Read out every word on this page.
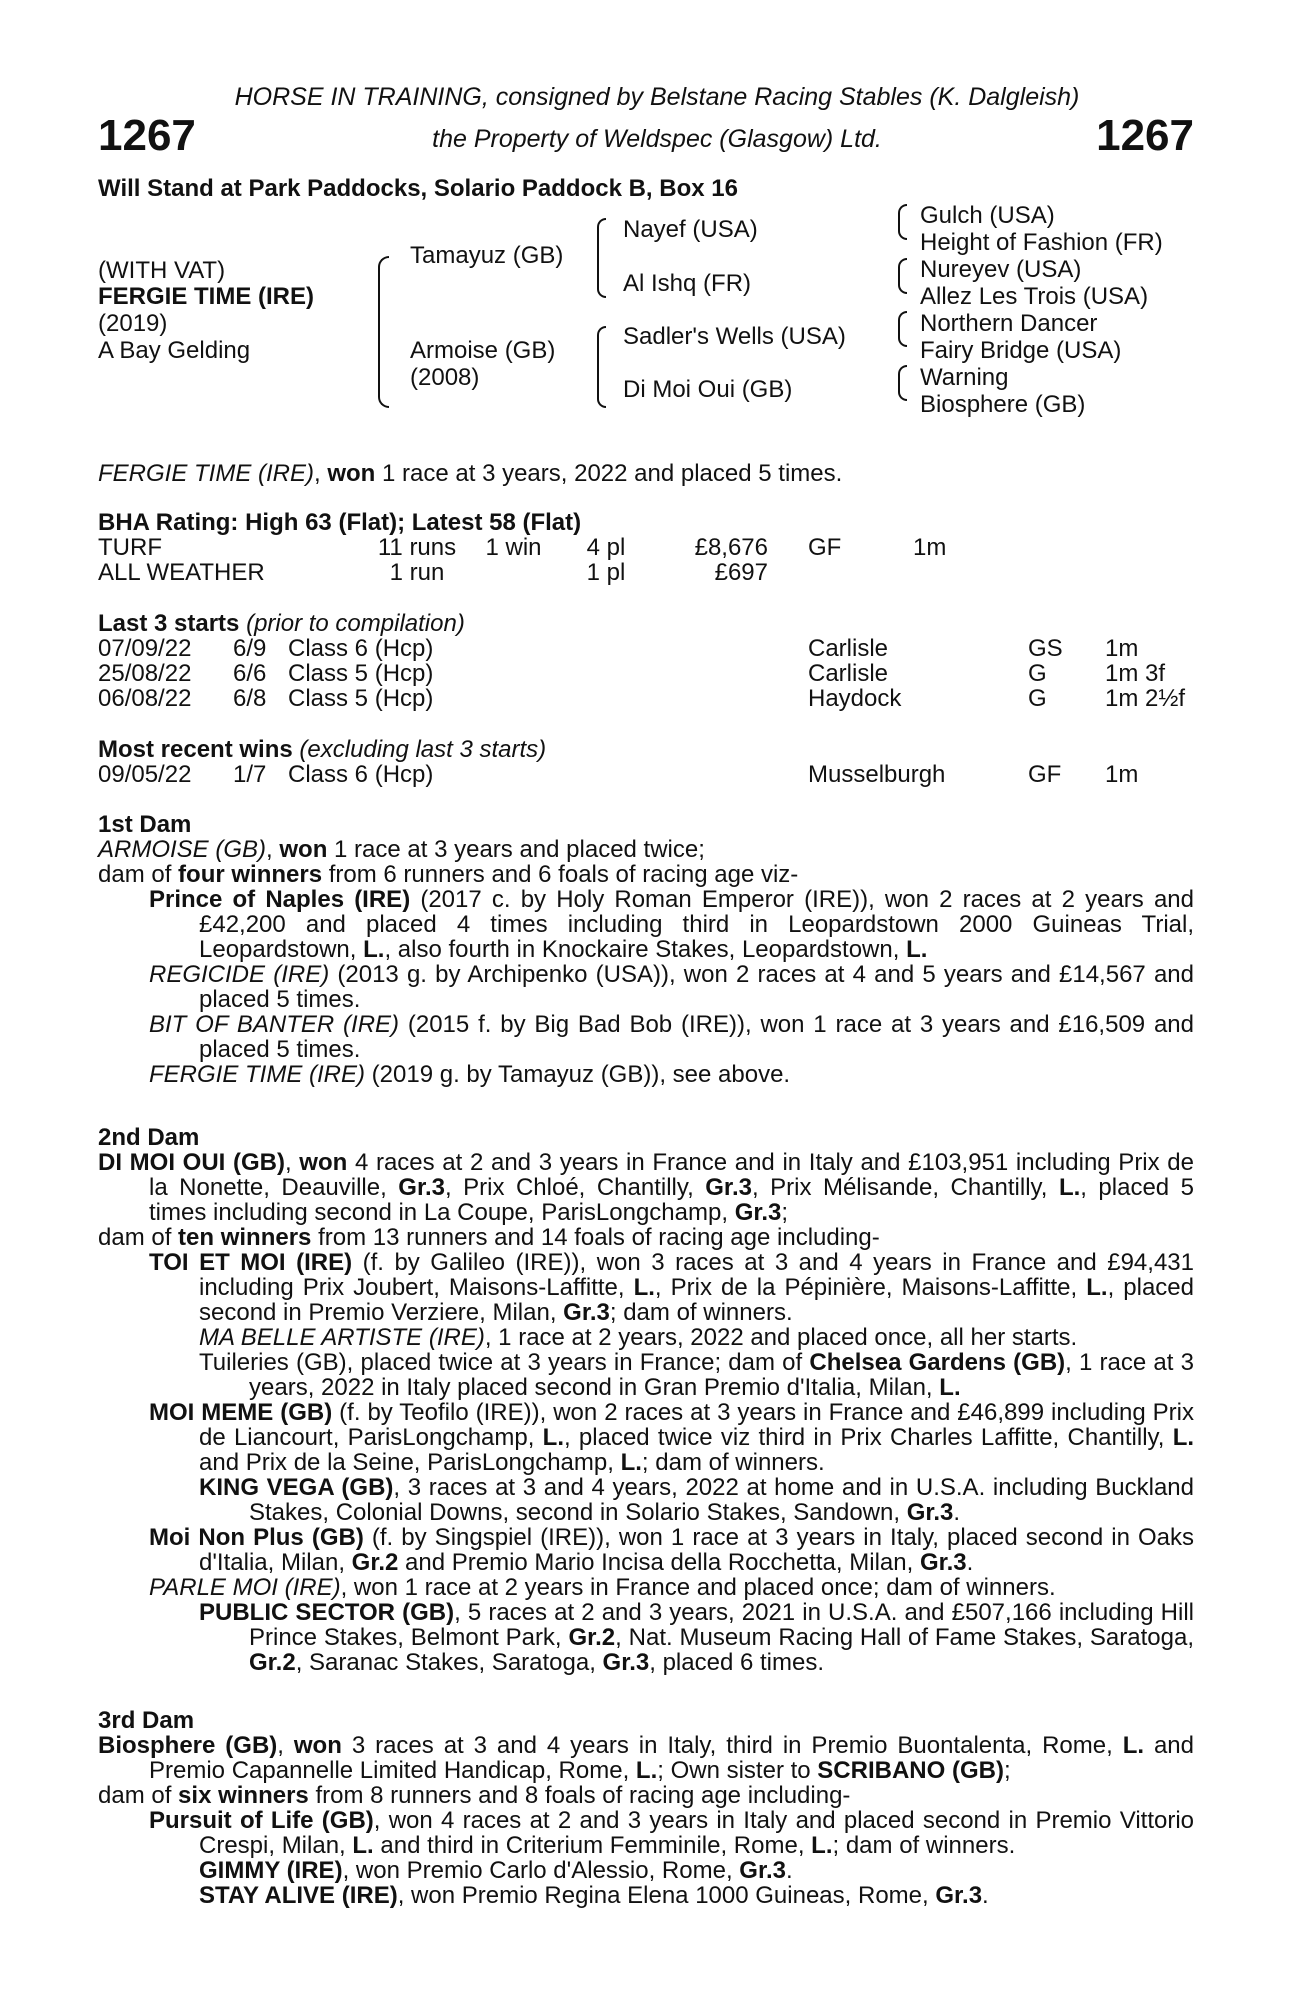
HORSE IN TRAINING, consigned by Belstane Racing Stables (K. Dalgleish)
1267	the Property of Weldspec (Glasgow) Ltd.	1267
Will Stand at Park Paddocks, Solario Paddock B, Box 16
(WITH VAT)
FERGIE TIME (IRE)
(2019)
A Bay Gelding
Tamayuz (GB)
Armoise (GB)
(2008)
Nayef (USA)
Al Ishq (FR)
Sadler's Wells (USA)
Di Moi Oui (GB)
Gulch (USA)
Height of Fashion (FR)
Nureyev (USA)
Allez Les Trois (USA)
Northern Dancer
Fairy Bridge (USA)
Warning
Biosphere (GB)
FERGIE TIME (IRE), won 1 race at 3 years, 2022 and placed 5 times.
BHA Rating: High 63 (Flat); Latest 58 (Flat)
TURF	11 runs	1 win	4 pl	£8,676	GF	1m
ALL WEATHER	1 run		1 pl	£697		
Last 3 starts (prior to compilation)
07/09/22	6/9	Class 6 (Hcp)	Carlisle	GS	1m
25/08/22	6/6	Class 5 (Hcp)	Carlisle	G	1m 3f
06/08/22	6/8	Class 5 (Hcp)	Haydock	G	1m 2½f
Most recent wins (excluding last 3 starts)
09/05/22	1/7	Class 6 (Hcp)	Musselburgh	GF	1m

1st Dam

ARMOISE (GB), won 1 race at 3 years and placed twice;

dam of four winners from 6 runners and 6 foals of racing age viz-

Prince of Naples (IRE) (2017 c. by Holy Roman Emperor (IRE)), won 2 races at 2 years and £42,200 and placed 4 times including third in Leopardstown 2000 Guineas Trial, Leopardstown, L., also fourth in Knockaire Stakes, Leopardstown, L.

REGICIDE (IRE) (2013 g. by Archipenko (USA)), won 2 races at 4 and 5 years and £14,567 and placed 5 times.

BIT OF BANTER (IRE) (2015 f. by Big Bad Bob (IRE)), won 1 race at 3 years and £16,509 and placed 5 times.

FERGIE TIME (IRE) (2019 g. by Tamayuz (GB)), see above.

2nd Dam

DI MOI OUI (GB), won 4 races at 2 and 3 years in France and in Italy and £103,951 including Prix de la Nonette, Deauville, Gr.3, Prix Chloé, Chantilly, Gr.3, Prix Mélisande, Chantilly, L., placed 5 times including second in La Coupe, ParisLongchamp, Gr.3;

dam of ten winners from 13 runners and 14 foals of racing age including-

TOI ET MOI (IRE) (f. by Galileo (IRE)), won 3 races at 3 and 4 years in France and £94,431 including Prix Joubert, Maisons-Laffitte, L., Prix de la Pépinière, Maisons-Laffitte, L., placed second in Premio Verziere, Milan, Gr.3; dam of winners.

MA BELLE ARTISTE (IRE), 1 race at 2 years, 2022 and placed once, all her starts.

Tuileries (GB), placed twice at 3 years in France; dam of Chelsea Gardens (GB), 1 race at 3 years, 2022 in Italy placed second in Gran Premio d'Italia, Milan, L.

MOI MEME (GB) (f. by Teofilo (IRE)), won 2 races at 3 years in France and £46,899 including Prix de Liancourt, ParisLongchamp, L., placed twice viz third in Prix Charles Laffitte, Chantilly, L. and Prix de la Seine, ParisLongchamp, L.; dam of winners.

KING VEGA (GB), 3 races at 3 and 4 years, 2022 at home and in U.S.A. including Buckland Stakes, Colonial Downs, second in Solario Stakes, Sandown, Gr.3.

Moi Non Plus (GB) (f. by Singspiel (IRE)), won 1 race at 3 years in Italy, placed second in Oaks d'Italia, Milan, Gr.2 and Premio Mario Incisa della Rocchetta, Milan, Gr.3.

PARLE MOI (IRE), won 1 race at 2 years in France and placed once; dam of winners.

PUBLIC SECTOR (GB), 5 races at 2 and 3 years, 2021 in U.S.A. and £507,166 including Hill Prince Stakes, Belmont Park, Gr.2, Nat. Museum Racing Hall of Fame Stakes, Saratoga, Gr.2, Saranac Stakes, Saratoga, Gr.3, placed 6 times.

3rd Dam

Biosphere (GB), won 3 races at 3 and 4 years in Italy, third in Premio Buontalenta, Rome, L. and Premio Capannelle Limited Handicap, Rome, L.; Own sister to SCRIBANO (GB);

dam of six winners from 8 runners and 8 foals of racing age including-

Pursuit of Life (GB), won 4 races at 2 and 3 years in Italy and placed second in Premio Vittorio Crespi, Milan, L. and third in Criterium Femminile, Rome, L.; dam of winners.

GIMMY (IRE), won Premio Carlo d'Alessio, Rome, Gr.3.

STAY ALIVE (IRE), won Premio Regina Elena 1000 Guineas, Rome, Gr.3.
